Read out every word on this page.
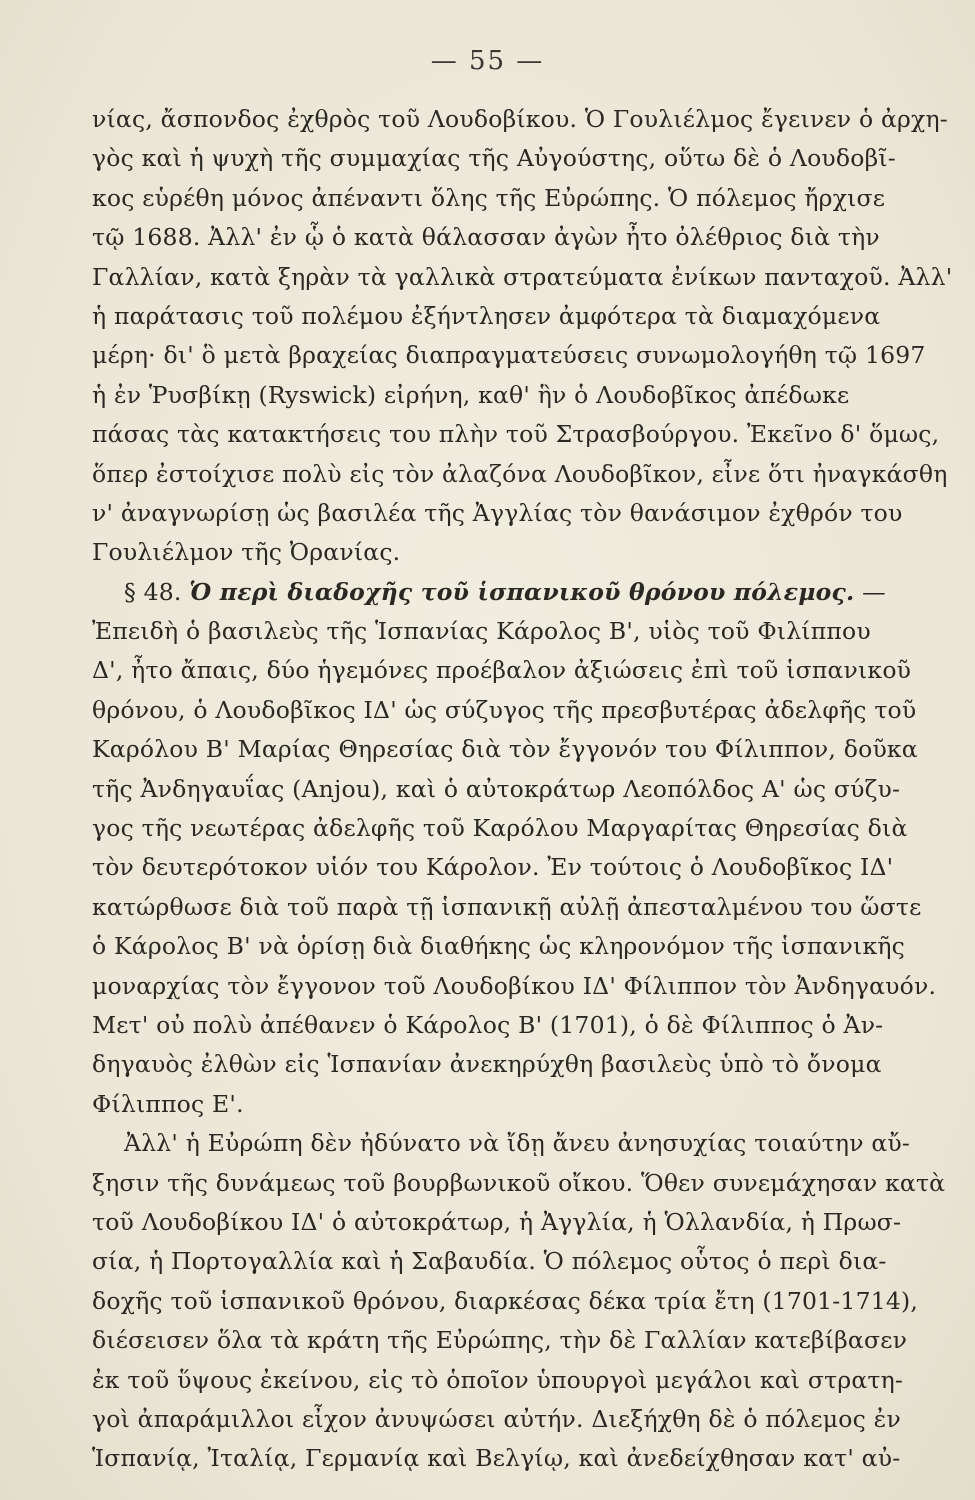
— 55 —
νίας, ἄσπονδος ἐχθρὸς τοῦ Λουδοβίκου. Ὁ Γουλιέλμος ἔγεινεν ὁ ἀρχη-
γὸς καὶ ἡ ψυχὴ τῆς συμμαχίας τῆς Αὐγούστης, οὕτω δὲ ὁ Λουδοβῖ-
κος εὑρέθη μόνος ἀπέναντι ὅλης τῆς Εὐρώπης. Ὁ πόλεμος ἤρχισε
τῷ 1688. Ἀλλ' ἐν ᾧ ὁ κατὰ θάλασσαν ἀγὼν ἦτο ὀλέθριος διὰ τὴν
Γαλλίαν, κατὰ ξηρὰν τὰ γαλλικὰ στρατεύματα ἐνίκων πανταχοῦ. Ἀλλ'
ἡ παράτασις τοῦ πολέμου ἐξήντλησεν ἀμφότερα τὰ διαμαχόμενα
μέρη· δι' ὃ μετὰ βραχείας διαπραγματεύσεις συνωμολογήθη τῷ 1697
ἡ ἐν Ῥυσβίκῃ (Ryswick) εἰρήνη, καθ' ἣν ὁ Λουδοβῖκος ἀπέδωκε
πάσας τὰς κατακτήσεις του πλὴν τοῦ Στρασβούργου. Ἐκεῖνο δ' ὅμως,
ὅπερ ἐστοίχισε πολὺ εἰς τὸν ἀλαζόνα Λουδοβῖκον, εἶνε ὅτι ἠναγκάσθη
ν' ἀναγνωρίσῃ ὡς βασιλέα τῆς Ἀγγλίας τὸν θανάσιμον ἐχθρόν του
Γουλιέλμον τῆς Ὀρανίας.
§ 48. Ὁ περὶ διαδοχῆς τοῦ ἱσπανικοῦ θρόνου πόλεμος. —
Ἐπειδὴ ὁ βασιλεὺς τῆς Ἱσπανίας Κάρολος Β', υἱὸς τοῦ Φιλίππου
Δ', ἦτο ἄπαις, δύο ἡγεμόνες προέβαλον ἀξιώσεις ἐπὶ τοῦ ἱσπανικοῦ
θρόνου, ὁ Λουδοβῖκος ΙΔ' ὡς σύζυγος τῆς πρεσβυτέρας ἀδελφῆς τοῦ
Καρόλου Β' Μαρίας Θηρεσίας διὰ τὸν ἔγγονόν του Φίλιππον, δοῦκα
τῆς Ἀνδηγαυΐας (Anjou), καὶ ὁ αὐτοκράτωρ Λεοπόλδος Α' ὡς σύζυ-
γος τῆς νεωτέρας ἀδελφῆς τοῦ Καρόλου Μαργαρίτας Θηρεσίας διὰ
τὸν δευτερότοκον υἱόν του Κάρολον. Ἐν τούτοις ὁ Λουδοβῖκος ΙΔ'
κατώρθωσε διὰ τοῦ παρὰ τῇ ἱσπανικῇ αὐλῇ ἀπεσταλμένου του ὥστε
ὁ Κάρολος Β' νὰ ὁρίσῃ διὰ διαθήκης ὡς κληρονόμον τῆς ἱσπανικῆς
μοναρχίας τὸν ἔγγονον τοῦ Λουδοβίκου ΙΔ' Φίλιππον τὸν Ἀνδηγαυόν.
Μετ' οὐ πολὺ ἀπέθανεν ὁ Κάρολος Β' (1701), ὁ δὲ Φίλιππος ὁ Ἀν-
δηγαυὸς ἐλθὼν εἰς Ἱσπανίαν ἀνεκηρύχθη βασιλεὺς ὑπὸ τὸ ὄνομα
Φίλιππος Ε'.
Ἀλλ' ἡ Εὐρώπη δὲν ἠδύνατο νὰ ἴδῃ ἄνευ ἀνησυχίας τοιαύτην αὔ-
ξησιν τῆς δυνάμεως τοῦ βουρβωνικοῦ οἴκου. Ὅθεν συνεμάχησαν κατὰ
τοῦ Λουδοβίκου ΙΔ' ὁ αὐτοκράτωρ, ἡ Ἀγγλία, ἡ Ὁλλανδία, ἡ Πρωσ-
σία, ἡ Πορτογαλλία καὶ ἡ Σαβαυδία. Ὁ πόλεμος οὗτος ὁ περὶ δια-
δοχῆς τοῦ ἱσπανικοῦ θρόνου, διαρκέσας δέκα τρία ἔτη (1701-1714),
διέσεισεν ὅλα τὰ κράτη τῆς Εὐρώπης, τὴν δὲ Γαλλίαν κατεβίβασεν
ἐκ τοῦ ὕψους ἐκείνου, εἰς τὸ ὁποῖον ὑπουργοὶ μεγάλοι καὶ στρατη-
γοὶ ἀπαράμιλλοι εἶχον ἀνυψώσει αὐτήν. Διεξήχθη δὲ ὁ πόλεμος ἐν
Ἱσπανίᾳ, Ἰταλίᾳ, Γερμανίᾳ καὶ Βελγίῳ, καὶ ἀνεδείχθησαν κατ' αὐ-
